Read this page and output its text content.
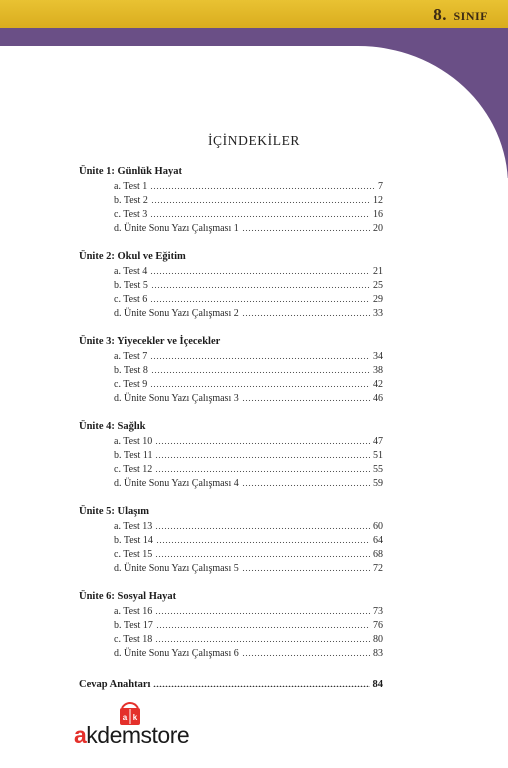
8. SINIF
İÇİNDEKİLER
Ünite 1: Günlük Hayat
a. Test 1	7
b. Test 2	12
c. Test 3	16
d. Ünite Sonu Yazı Çalışması 1	20
Ünite 2: Okul ve Eğitim
a. Test 4	21
b. Test 5	25
c. Test 6	29
d. Ünite Sonu Yazı Çalışması 2	33
Ünite 3: Yiyecekler ve İçecekler
a. Test 7	34
b. Test 8	38
c. Test 9	42
d. Ünite Sonu Yazı Çalışması 3	46
Ünite 4: Sağlık
a. Test 10	47
b. Test 11	51
c. Test 12	55
d. Ünite Sonu Yazı Çalışması 4	59
Ünite 5: Ulaşım
a. Test 13	60
b. Test 14	64
c. Test 15	68
d. Ünite Sonu Yazı Çalışması 5	72
Ünite 6: Sosyal Hayat
a. Test 16	73
b. Test 17	76
c. Test 18	80
d. Ünite Sonu Yazı Çalışması 6	83
Cevap Anahtarı	84
a k
akdemstore
